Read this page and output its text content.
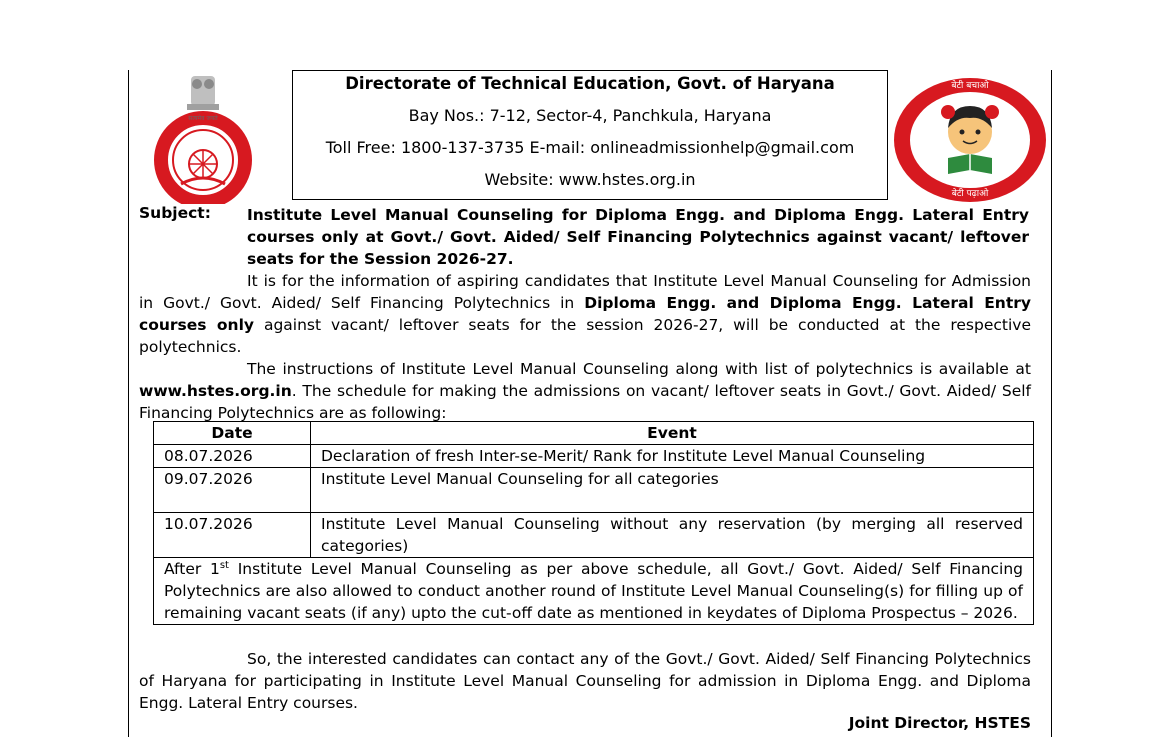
सत्यमेव जयते
बेटी बचाओ
बेटी पढ़ाओ
Directorate of Technical Education, Govt. of Haryana
Bay Nos.: 7-12, Sector-4, Panchkula, Haryana
Toll Free: 1800-137-3735 E-mail: onlineadmissionhelp@gmail.com
Website: www.hstes.org.in
Subject: Institute Level Manual Counseling for Diploma Engg. and Diploma Engg. Lateral Entry courses only at Govt./ Govt. Aided/ Self Financing Polytechnics against vacant/ leftover seats for the Session 2026-27.
It is for the information of aspiring candidates that Institute Level Manual Counseling for Admission in Govt./ Govt. Aided/ Self Financing Polytechnics in Diploma Engg. and Diploma Engg. Lateral Entry courses only against vacant/ leftover seats for the session 2026-27, will be conducted at the respective polytechnics.
The instructions of Institute Level Manual Counseling along with list of polytechnics is available at www.hstes.org.in. The schedule for making the admissions on vacant/ leftover seats in Govt./ Govt. Aided/ Self Financing Polytechnics are as following:
Date	Event
08.07.2026	Declaration of fresh Inter-se-Merit/ Rank for Institute Level Manual Counseling
09.07.2026	Institute Level Manual Counseling for all categories
10.07.2026	Institute Level Manual Counseling without any reservation (by merging all reserved categories)
After 1st Institute Level Manual Counseling as per above schedule, all Govt./ Govt. Aided/ Self Financing Polytechnics are also allowed to conduct another round of Institute Level Manual Counseling(s) for filling up of remaining vacant seats (if any) upto the cut-off date as mentioned in keydates of Diploma Prospectus – 2026.	
So, the interested candidates can contact any of the Govt./ Govt. Aided/ Self Financing Polytechnics of Haryana for participating in Institute Level Manual Counseling for admission in Diploma Engg. and Diploma Engg. Lateral Entry courses.
Joint Director, HSTES
